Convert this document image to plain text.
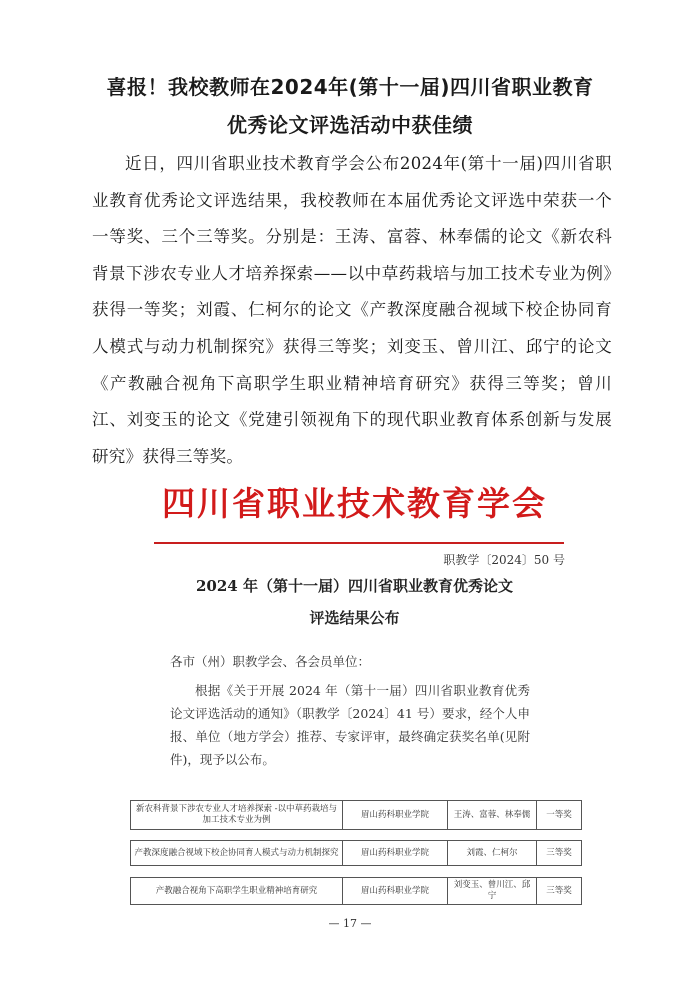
喜报！我校教师在2024年(第十一届)四川省职业教育
优秀论文评选活动中获佳绩

近日，四川省职业技术教育学会公布2024年(第十一届)四川省职业教育优秀论文评选结果，我校教师在本届优秀论文评选中荣获一个一等奖、三个三等奖。分别是：王涛、富蓉、林奉儒的论文《新农科背景下涉农专业人才培养探索——以中草药栽培与加工技术专业为例》获得一等奖；刘霞、仁柯尔的论文《产教深度融合视域下校企协同育人模式与动力机制探究》获得三等奖；刘变玉、曾川江、邱宁的论文《产教融合视角下高职学生职业精神培育研究》获得三等奖；曾川江、刘变玉的论文《党建引领视角下的现代职业教育体系创新与发展研究》获得三等奖。

四川省职业技术教育学会
职教学〔2024〕50 号
2024 年（第十一届）四川省职业教育优秀论文
评选结果公布
各市（州）职教学会、各会员单位：

根据《关于开展 2024 年（第十一届）四川省职业教育优秀论文评选活动的通知》（职教学〔2024〕41 号）要求，经个人申报、单位（地方学会）推荐、专家评审，最终确定获奖名单(见附件)，现予以公布。

新农科背景下涉农专业人才培养探索 -以中草药栽培与加工技术专业为例	眉山药科职业学院	王涛、富蓉、林奉儒	一等奖
产教深度融合视域下校企协同育人模式与动力机制探究	眉山药科职业学院	刘霞、仁柯尔	三等奖
产教融合视角下高职学生职业精神培育研究	眉山药科职业学院	刘变玉、曾川江、邱宁	三等奖
— 17 —
